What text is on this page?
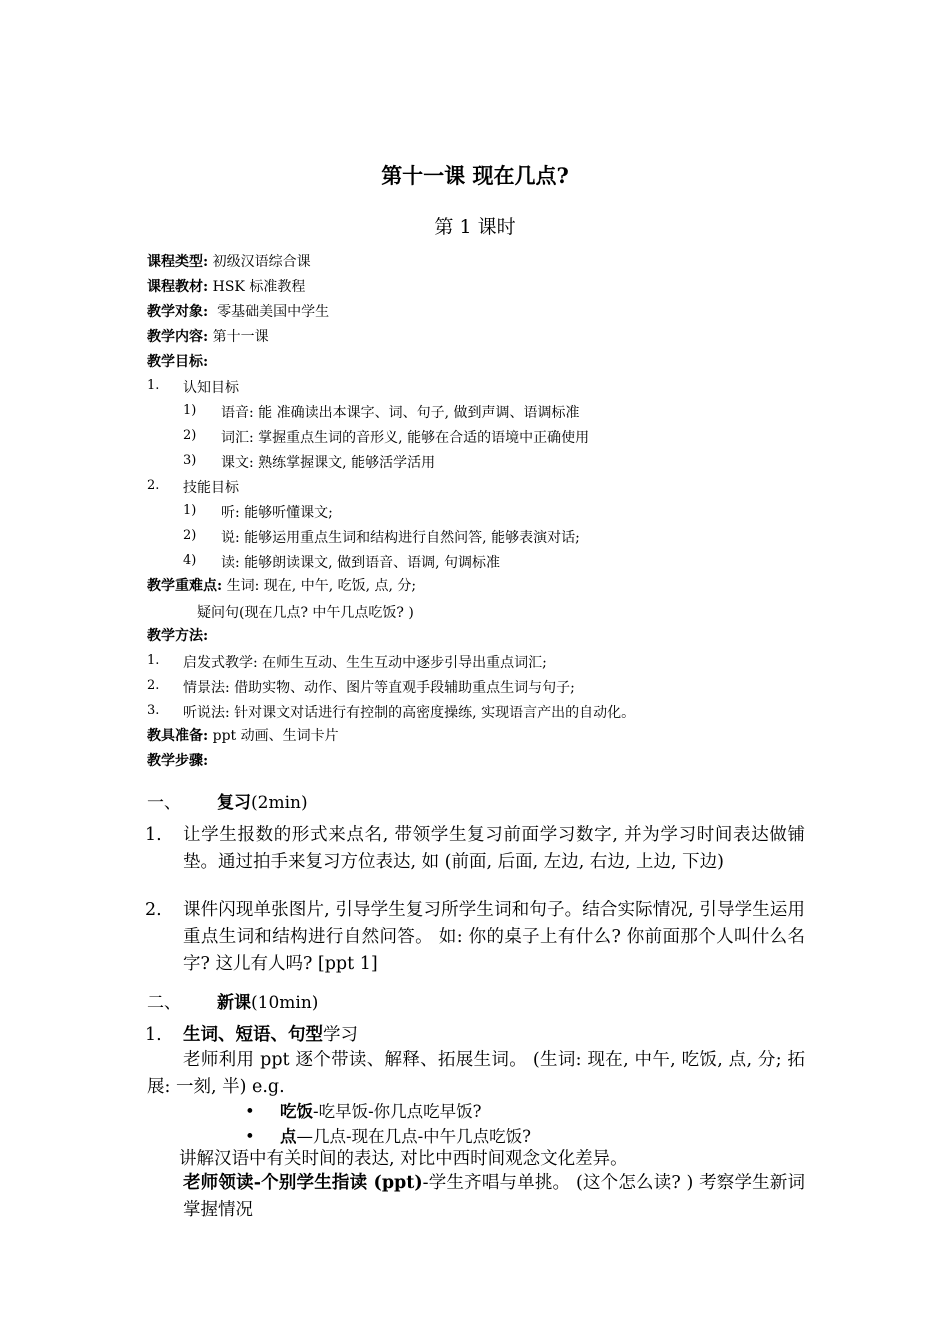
第十一课 现在几点?
第 1 课时
课程类型: 初级汉语综合课
课程教材: HSK 标准教程
教学对象:  零基础美国中学生
教学内容: 第十一课
教学目标:
1. 认知目标
1) 语音: 能 准确读出本课字、词、句子, 做到声调、语调标准
2) 词汇: 掌握重点生词的音形义, 能够在合适的语境中正确使用
3) 课文: 熟练掌握课文, 能够活学活用
2. 技能目标
1) 听: 能够听懂课文;
2) 说: 能够运用重点生词和结构进行自然问答, 能够表演对话;
4) 读: 能够朗读课文, 做到语音、语调, 句调标准
教学重难点: 生词: 现在, 中午, 吃饭, 点, 分;
疑问句(现在几点? 中午几点吃饭? )
教学方法:
1. 启发式教学: 在师生互动、生生互动中逐步引导出重点词汇;
2. 情景法: 借助实物、动作、图片等直观手段辅助重点生词与句子;
3. 听说法: 针对课文对话进行有控制的高密度操练, 实现语言产出的自动化。
教具准备: ppt 动画、生词卡片
教学步骤:
一、 复习(2min)
1. 让学生报数的形式来点名, 带领学生复习前面学习数字, 并为学习时间表达做铺垫。通过拍手来复习方位表达, 如 (前面, 后面, 左边, 右边, 上边, 下边)
2. 课件闪现单张图片, 引导学生复习所学生词和句子。结合实际情况, 引导学生运用重点生词和结构进行自然问答。 如: 你的桌子上有什么? 你前面那个人叫什么名字? 这儿有人吗? [ppt 1]
二、 新课(10min)
1. 生词、短语、句型学习
老师利用 ppt 逐个带读、解释、拓展生词。 (生词: 现在, 中午, 吃饭, 点, 分; 拓展: 一刻, 半) e.g.
• 吃饭-吃早饭-你几点吃早饭?
• 点—几点-现在几点-中午几点吃饭?
讲解汉语中有关时间的表达, 对比中西时间观念文化差异。
老师领读-个别学生指读 (ppt)-学生齐唱与单挑。 (这个怎么读? ) 考察学生新词掌握情况
